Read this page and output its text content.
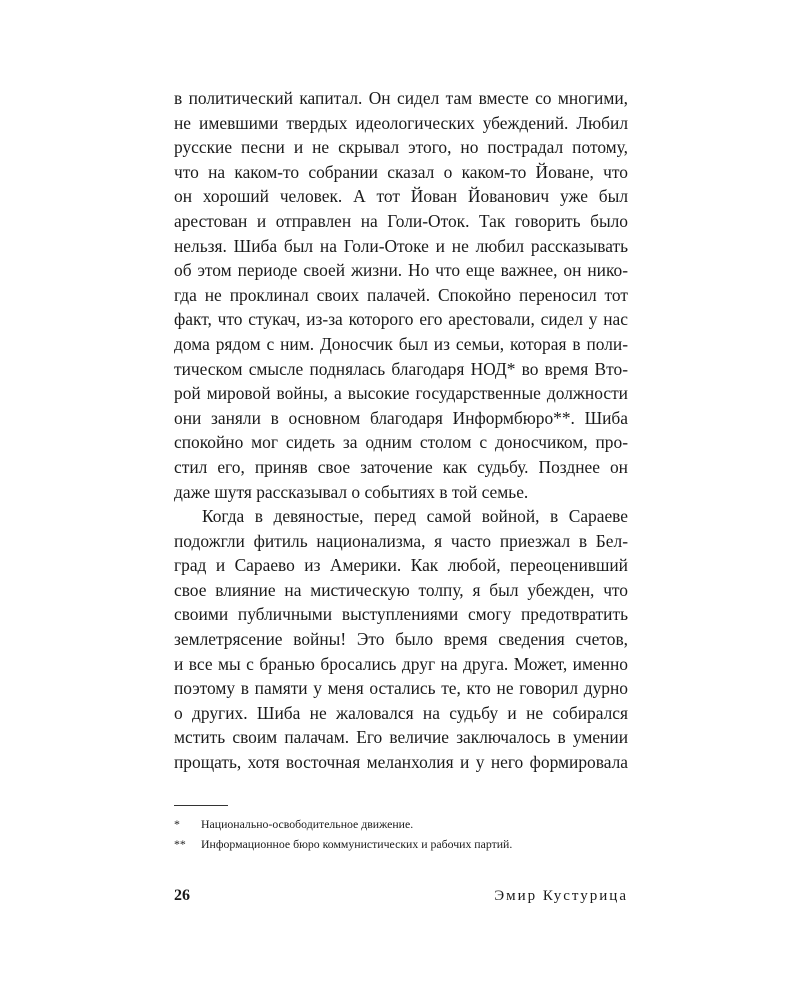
в политический капитал. Он сидел там вместе со многими,
не имевшими твердых идеологических убеждений. Любил
русские песни и не скрывал этого, но пострадал потому,
что на каком-то собрании сказал о каком-то Йоване, что
он хороший человек. А тот Йован Йованович уже был
арестован и отправлен на Голи-Оток. Так говорить было
нельзя. Шиба был на Голи-Отоке и не любил рассказывать
об этом периоде своей жизни. Но что еще важнее, он нико-
гда не проклинал своих палачей. Спокойно переносил тот
факт, что стукач, из-за которого его арестовали, сидел у нас
дома рядом с ним. Доносчик был из семьи, которая в поли-
тическом смысле поднялась благодаря НОД* во время Вто-
рой мировой войны, а высокие государственные должности
они заняли в основном благодаря Информбюро**. Шиба
спокойно мог сидеть за одним столом с доносчиком, про-
стил его, приняв свое заточение как судьбу. Позднее он
даже шутя рассказывал о событиях в той семье.
Когда в девяностые, перед самой войной, в Сараеве
подожгли фитиль национализма, я часто приезжал в Бел-
град и Сараево из Америки. Как любой, переоценивший
свое влияние на мистическую толпу, я был убежден, что
своими публичными выступлениями смогу предотвратить
землетрясение войны! Это было время сведения счетов,
и все мы с бранью бросались друг на друга. Может, именно
поэтому в памяти у меня остались те, кто не говорил дурно
о других. Шиба не жаловался на судьбу и не собирался
мстить своим палачам. Его величие заключалось в умении
прощать, хотя восточная меланхолия и у него формировала
*	Национально-освободительное движение.
**	Информационное бюро коммунистических и рабочих партий.
26	Эмир Кустурица
